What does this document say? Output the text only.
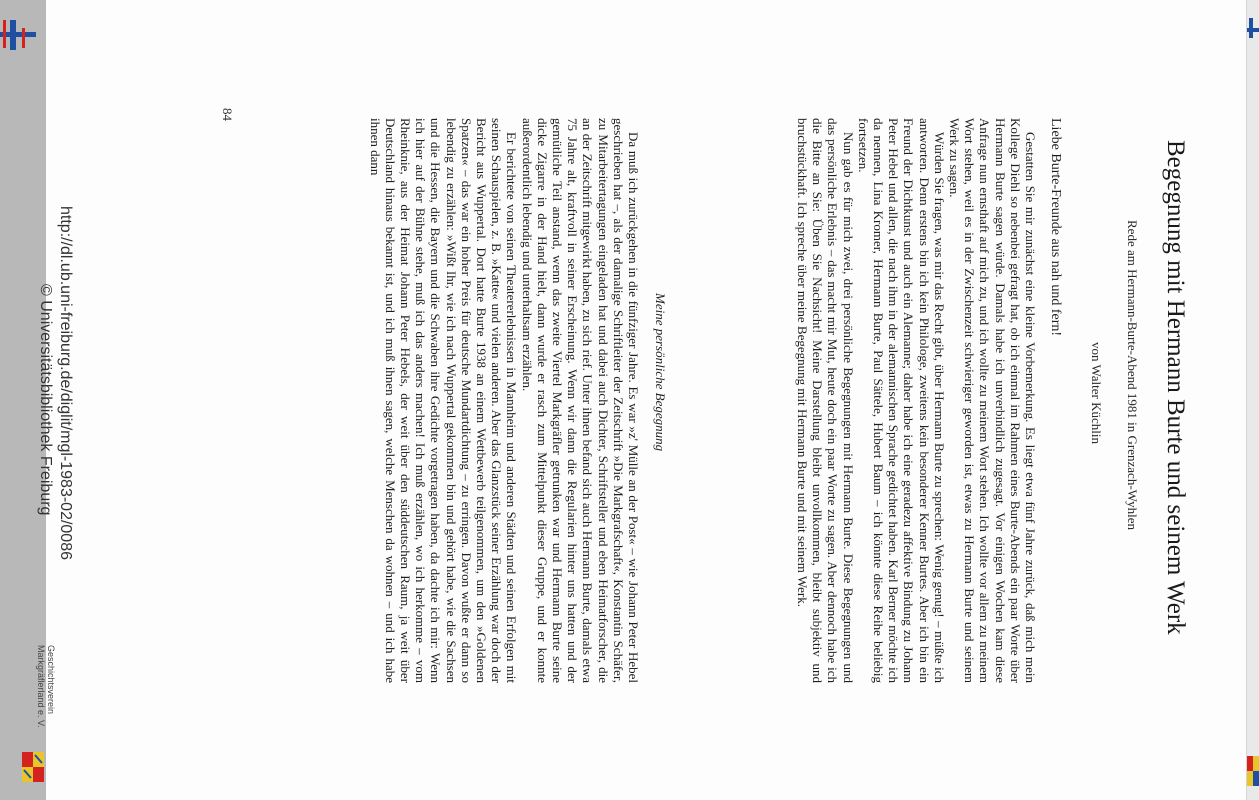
http://dl.ub.uni-freiburg.de/diglit/mgl-1983-02/0086
© Universitätsbibliothek Freiburg
Geschichtsverein
Markgräflerland e. V.
Begegnung mit Hermann Burte und seinem Werk
Rede am Hermann-Burte-Abend 1981 in Grenzach-Wyhlen
von Walter Küchlin
Liebe Burte-Freunde aus nah und fern!

Gestatten Sie mir zunächst eine kleine Vorbemerkung. Es liegt etwa fünf Jahre zurück, daß mich mein Kollege Diehl so nebenbei gefragt hat, ob ich einmal im Rahmen eines Burte-Abends ein paar Worte über Hermann Burte sagen würde. Damals habe ich unverbindlich zugesagt. Vor einigen Wochen kam diese Anfrage nun ernsthaft auf mich zu, und ich wollte zu meinem Wort stehen. Ich wollte vor allem zu meinem Wort stehen, weil es in der Zwischenzeit schwieriger geworden ist, etwas zu Hermann Burte und seinem Werk zu sagen.

Würden Sie fragen, was mir das Recht gibt, über Hermann Burte zu sprechen: Wenig genug! – müßte ich antworten. Denn erstens bin ich kein Philologe, zweitens kein besonderer Kenner Burtes. Aber ich bin ein Freund der Dichtkunst und auch ein Alemanne; daher habe ich eine geradezu affektive Bindung zu Johann Peter Hebel und allen, die nach ihm in der alemannischen Sprache gedichtet haben. Karl Berner möchte ich da nennen, Lina Kromer, Hermann Burte, Paul Sättele, Hubert Baum – ich könnte diese Reihe beliebig fortsetzen.

Nun gab es für mich zwei, drei persönliche Begegnungen mit Hermann Burte. Diese Begegnungen und das persönliche Erlebnis – das macht mir Mut, heute doch ein paar Worte zu sagen. Aber dennoch habe ich die Bitte an Sie: Üben Sie Nachsicht! Meine Darstellung bleibt unvollkommen, bleibt subjektiv und bruchstückhaft. Ich spreche über meine Begegnung mit Hermann Burte und mit seinem Werk.

Meine persönliche Begegnung

Da muß ich zurückgehen in die fünfziger Jahre. Es war »z' Mülle an der Post« – wie Johann Peter Hebel geschrieben hat –, als der damalige Schriftleiter der Zeitschrift »Die Markgrafschaft«, Konstantin Schäfer, zu Mitarbeitertagungen eingeladen hat und dabei auch Dichter, Schriftsteller und eben Heimatforscher, die an der Zeitschrift mitgewirkt haben, zu sich rief. Unter ihnen befand sich auch Hermann Burte, damals etwa 75 Jahre alt, kraftvoll in seiner Erscheinung. Wenn wir dann die Regularien hinter uns hatten und der gemütliche Teil anstand, wenn das zweite Viertel Markgräfler getrunken war und Hermann Burte seine dicke Zigarre in der Hand hielt, dann wurde er rasch zum Mittelpunkt dieser Gruppe, und er konnte außerordentlich lebendig und unterhaltsam erzählen.

Er berichtete von seinen Theatererlebnissen in Mannheim und anderen Städten und seinen Erfolgen mit seinen Schauspielen, z. B. »Katte« und vielen anderen. Aber das Glanzstück seiner Erzählung war doch der Bericht aus Wuppertal. Dort hatte Burte 1938 an einem Wettbewerb teilgenommen, um den »Goldenen Spatzen« – das war ein hoher Preis für deutsche Mundartdichtung – zu erringen. Davon wußte er dann so lebendig zu erzählen: »Wißt Ihr, wie ich nach Wuppertal gekommen bin und gehört habe, wie die Sachsen und die Hessen, die Bayern und die Schwaben ihre Gedichte vorgetragen haben, da dachte ich mir: Wenn ich hier auf der Bühne stehe, muß ich das anders machen! Ich muß erzählen, wo ich herkomme – vom Rheinknie, aus der Heimat Johann Peter Hebels, der weit über den süddeutschen Raum, ja weit über Deutschland hinaus bekannt ist, und ich muß ihnen sagen, welche Menschen da wohnen – und ich habe ihnen dann

84
